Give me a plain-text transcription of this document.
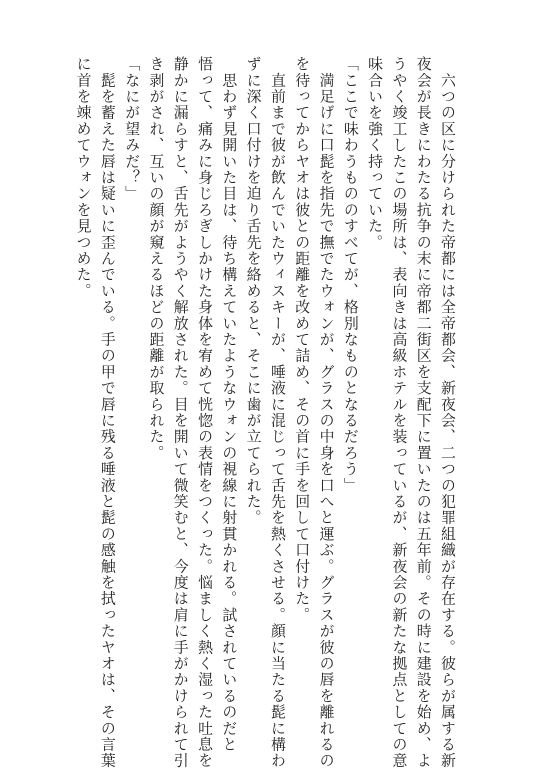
　六つの区に分けられた帝都には全帝都会、新夜会、二つの犯罪組織が存在する。彼らが属する新
夜会が長きにわたる抗争の末に帝都二街区を支配下に置いたのは五年前。その時に建設を始め、よ
うやく竣工したこの場所は、表向きは高級ホテルを装っているが、新夜会の新たな拠点としての意
味合いを強く持っていた。
「ここで味わうもののすべてが、格別なものとなるだろう」
　満足げに口髭を指先で撫でたウォンが、グラスの中身を口へと運ぶ。グラスが彼の唇を離れるの
を待ってからヤオは彼との距離を改めて詰め、その首に手を回して口付けた。
　直前まで彼が飲んでいたウィスキーが、唾液に混じって舌先を熱くさせる。顔に当たる髭に構わ
ずに深く口付けを迫り舌先を絡めると、そこに歯が立てられた。
　思わず見開いた目は、待ち構えていたようなウォンの視線に射貫かれる。試されているのだと
悟って、痛みに身じろぎしかけた身体を宥めて恍惚の表情をつくった。悩ましく熱く湿った吐息を
静かに漏らすと、舌先がようやく解放された。目を開いて微笑むと、今度は肩に手がかけられて引
き剥がされ、互いの顔が窺えるほどの距離が取られた。
「なにが望みだ？」
　髭を蓄えた唇は疑いに歪んでいる。手の甲で唇に残る唾液と髭の感触を拭ったヤオは、その言葉
に首を竦めてウォンを見つめた。
